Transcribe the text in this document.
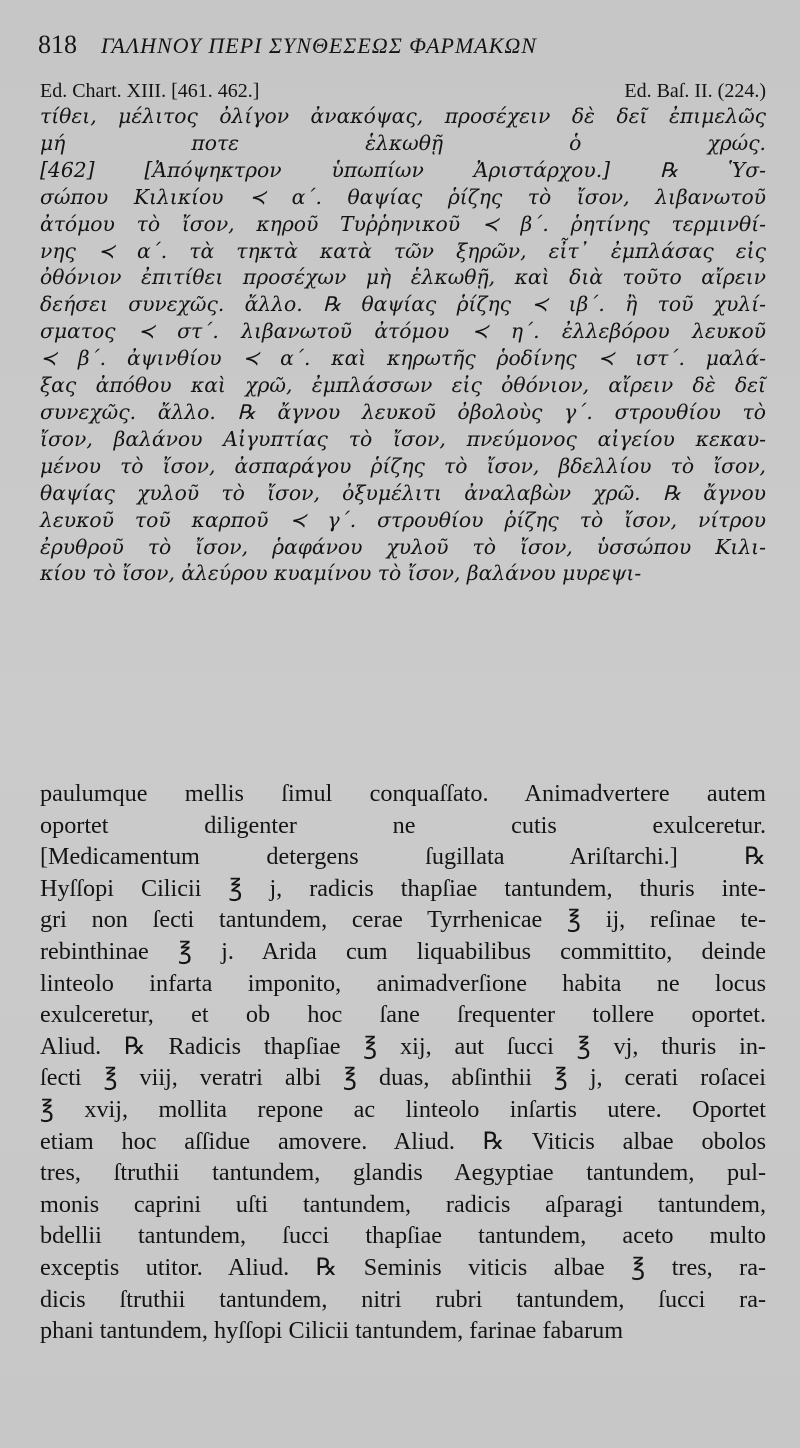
818 ΓΑΛΗΝΟΥ ΠΕΡΙ ΣΥΝΘΕΣΕΩΣ ΦΑΡΜΑΚΩΝ
Ed. Chart. XIII. [461. 462.]	Ed. Baſ. II. (224.)
τίθει, μέλιτος ὀλίγον ἀνακόψας, προσέχειν δὲ δεῖ ἐπιμελῶς
μή ποτε ἑλκωθῇ ὁ χρώς.
[462] [Ἀπόψηκτρον ὑπωπίων Ἀριστάρχου.] ℞ Ὑσ-
σώπου Κιλικίου ≺ α΄. θαψίας ῥίζης τὸ ἴσον, λιβανωτοῦ
ἀτόμου τὸ ἴσον, κηροῦ Τυῤῥηνικοῦ ≺ β΄. ῥητίνης τερμινθί-
νης ≺ α΄. τὰ τηκτὰ κατὰ τῶν ξηρῶν, εἶτ᾽ ἐμπλάσας εἰς
ὀθόνιον ἐπιτίθει προσέχων μὴ ἑλκωθῇ, καὶ διὰ τοῦτο αἴρειν
δεήσει συνεχῶς. ἄλλο. ℞ θαψίας ῥίζης ≺ ιβ΄. ἢ τοῦ χυλί-
σματος ≺ στ΄. λιβανωτοῦ ἀτόμου ≺ η΄. ἐλλεβόρου λευκοῦ
≺ β΄. ἀψινθίου ≺ α΄. καὶ κηρωτῆς ῥοδίνης ≺ ιστ΄. μαλά-
ξας ἀπόθου καὶ χρῶ, ἐμπλάσσων εἰς ὀθόνιον, αἴρειν δὲ δεῖ
συνεχῶς. ἄλλο. ℞ ἄγνου λευκοῦ ὀβολοὺς γ΄. στρουθίου τὸ
ἴσον, βαλάνου Αἰγυπτίας τὸ ἴσον, πνεύμονος αἰγείου κεκαυ-
μένου τὸ ἴσον, ἀσπαράγου ῥίζης τὸ ἴσον, βδελλίου τὸ ἴσον,
θαψίας χυλοῦ τὸ ἴσον, ὀξυμέλιτι ἀναλαβὼν χρῶ. ℞ ἄγνου
λευκοῦ τοῦ καρποῦ ≺ γ΄. στρουθίου ῥίζης τὸ ἴσον, νίτρου
ἐρυθροῦ τὸ ἴσον, ῥαφάνου χυλοῦ τὸ ἴσον, ὑσσώπου Κιλι-
κίου τὸ ἴσον, ἀλεύρου κυαμίνου τὸ ἴσον, βαλάνου μυρεψι-
paulumque mellis ſimul conquaſſato. Animadvertere autem
oportet diligenter ne cutis exulceretur.
[Medicamentum detergens ſugillata Ariſtarchi.] ℞
Hyſſopi Cilicii ℥ j, radicis thapſiae tantundem, thuris inte-
gri non ſecti tantundem, cerae Tyrrhenicae ℥ ij, reſinae te-
rebinthinae ℥ j. Arida cum liquabilibus committito, deinde
linteolo infarta imponito, animadverſione habita ne locus
exulceretur, et ob hoc ſane ſrequenter tollere oportet.
Aliud. ℞ Radicis thapſiae ℥ xij, aut ſucci ℥ vj, thuris in-
ſecti ℥ viij, veratri albi ℥ duas, abſinthii ℥ j, cerati roſacei
℥ xvij, mollita repone ac linteolo inſartis utere. Oportet
etiam hoc aſſidue amovere. Aliud. ℞ Viticis albae obolos
tres, ſtruthii tantundem, glandis Aegyptiae tantundem, pul-
monis caprini uſti tantundem, radicis aſparagi tantundem,
bdellii tantundem, ſucci thapſiae tantundem, aceto multo
exceptis utitor. Aliud. ℞ Seminis viticis albae ℥ tres, ra-
dicis ſtruthii tantundem, nitri rubri tantundem, ſucci ra-
phani tantundem, hyſſopi Cilicii tantundem, farinae fabarum
